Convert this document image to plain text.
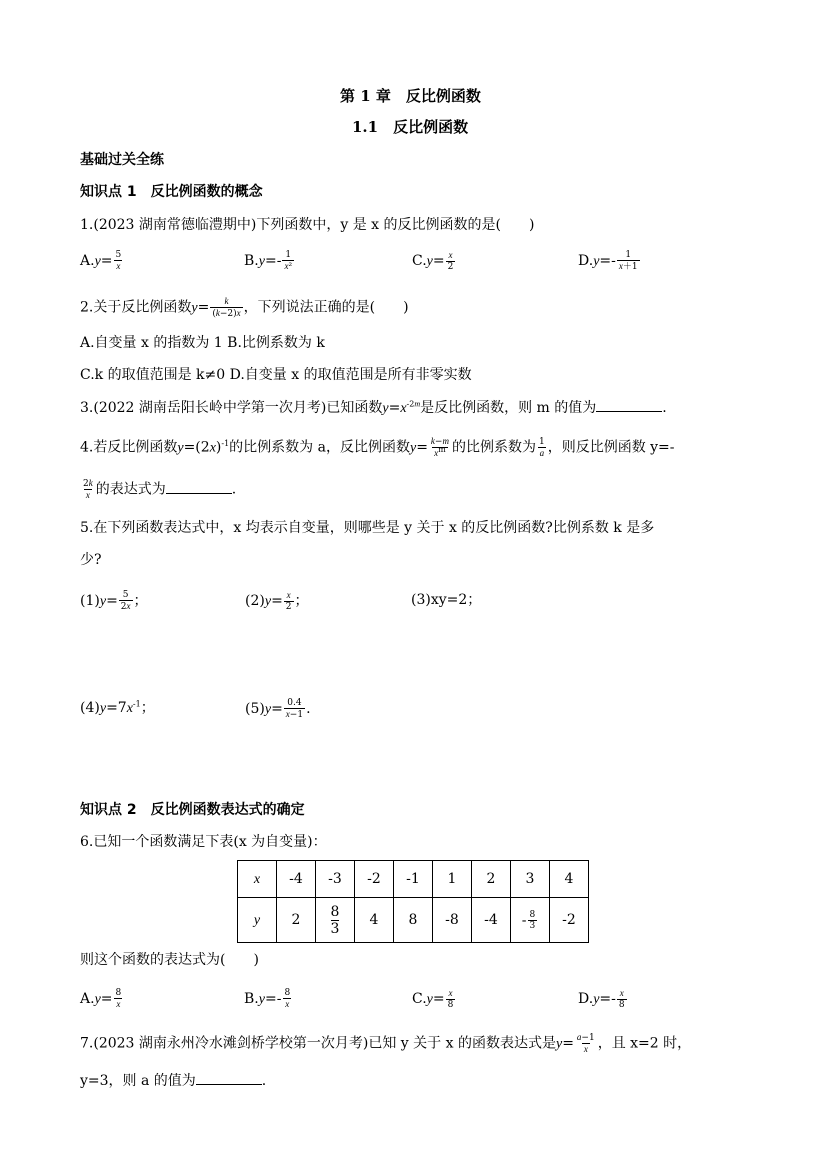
第 1 章　反比例函数
1.1　反比例函数
基础过关全练
知识点 1　反比例函数的概念
1.(2023 湖南常德临澧期中)下列函数中，y 是 x 的反比例函数的是(　　)
$A.y= \frac{5}{x}$	$B.y=- \frac{1}{\text{x²}}$	$C.y= \frac{x}{2}$	$D.y=- \frac{1}{x+1}$
2.关于反比例函数$y= \frac{k}{(k-2)x}$ ，下列说法正确的是(　　)
A.自变量 x 的指数为 1 B.比例系数为 k
C.k 的取值范围是 k≠0 D.自变量 x 的取值范围是所有非零实数
3.(2022 湖南岳阳长岭中学第一次月考)已知函数$y=x^{-2m}$是反比例函数，则 m 的值为	.
4.若反比例函数$y=(2x)^{-1}$的比例系数为 a，反比例函数$y= \frac{k-m}{x^m}$ 的比例系数为 $\frac{1}{a}$ ，则反比例函数 y=-
$\frac{2k}{x}$ 的表达式为	.
5.在下列函数表达式中，x 均表示自变量，则哪些是 y 关于 x 的反比例函数?比例系数 k 是多
少?
$(1)y= \frac{5}{2x}$ ；	$(2)y= \frac{x}{2}$ ；	(3)xy=2；
$(4)y=7x^{-1}$；	$(5)y= \frac{0.4}{x-1}$ .
知识点 2　反比例函数表达式的确定
6.已知一个函数满足下表(x 为自变量)：
x	-4	-3	-2	-1	1	2	3	4
y	2	$\frac{8}{3}$	4	8	-8	-4	- $\frac{8}{3}$	-2
则这个函数的表达式为(　　)
$A.y= \frac{8}{x}$	$B.y=- \frac{8}{x}$	$C.y= \frac{x}{8}$	$D.y=- \frac{x}{8}$
7.(2023 湖南永州冷水滩剑桥学校第一次月考)已知 y 关于 x 的函数表达式是$y= \frac{a-1}{x}$ ，且 x=2 时，
y=3，则 a 的值为	.
